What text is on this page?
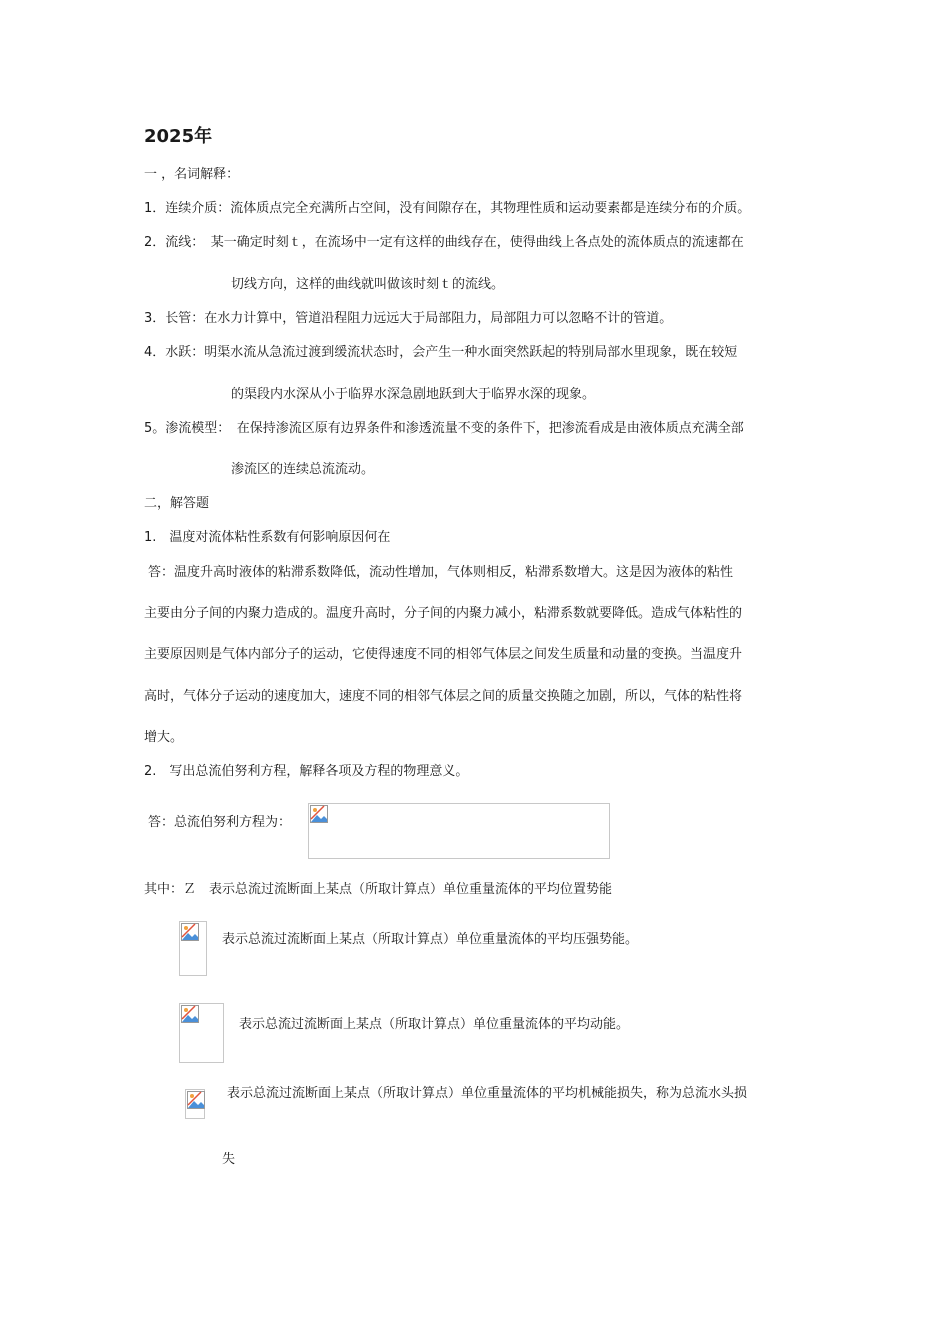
2025年
一 ，名词解释：
1．连续介质：流体质点完全充满所占空间，没有间隙存在，其物理性质和运动要素都是连续分布的介质。
2．流线：　某一确定时刻ｔ，在流场中一定有这样的曲线存在，使得曲线上各点处的流体质点的流速都在
切线方向，这样的曲线就叫做该时刻ｔ的流线。
3．长管：在水力计算中，管道沿程阻力远远大于局部阻力，局部阻力可以忽略不计的管道。
4．水跃：明渠水流从急流过渡到缓流状态时，会产生一种水面突然跃起的特别局部水里现象，既在较短
的渠段内水深从小于临界水深急剧地跃到大于临界水深的现象。
5。渗流模型：　在保持渗流区原有边界条件和渗透流量不变的条件下，把渗流看成是由液体质点充满全部
渗流区的连续总流流动。
二，解答题
1.　温度对流体粘性系数有何影响原因何在
答：温度升高时液体的粘滞系数降低，流动性增加，气体则相反，粘滞系数增大。这是因为液体的粘性
主要由分子间的内聚力造成的。温度升高时，分子间的内聚力减小，粘滞系数就要降低。造成气体粘性的
主要原因则是气体内部分子的运动，它使得速度不同的相邻气体层之间发生质量和动量的变换。当温度升
高时，气体分子运动的速度加大，速度不同的相邻气体层之间的质量交换随之加剧，所以，气体的粘性将
增大。
2.　写出总流伯努利方程，解释各项及方程的物理意义。
答：总流伯努利方程为：
其中：Ｚ　表示总流过流断面上某点（所取计算点）单位重量流体的平均位置势能
表示总流过流断面上某点（所取计算点）单位重量流体的平均压强势能。
表示总流过流断面上某点（所取计算点）单位重量流体的平均动能。
表示总流过流断面上某点（所取计算点）单位重量流体的平均机械能损失，称为总流水头损
失
